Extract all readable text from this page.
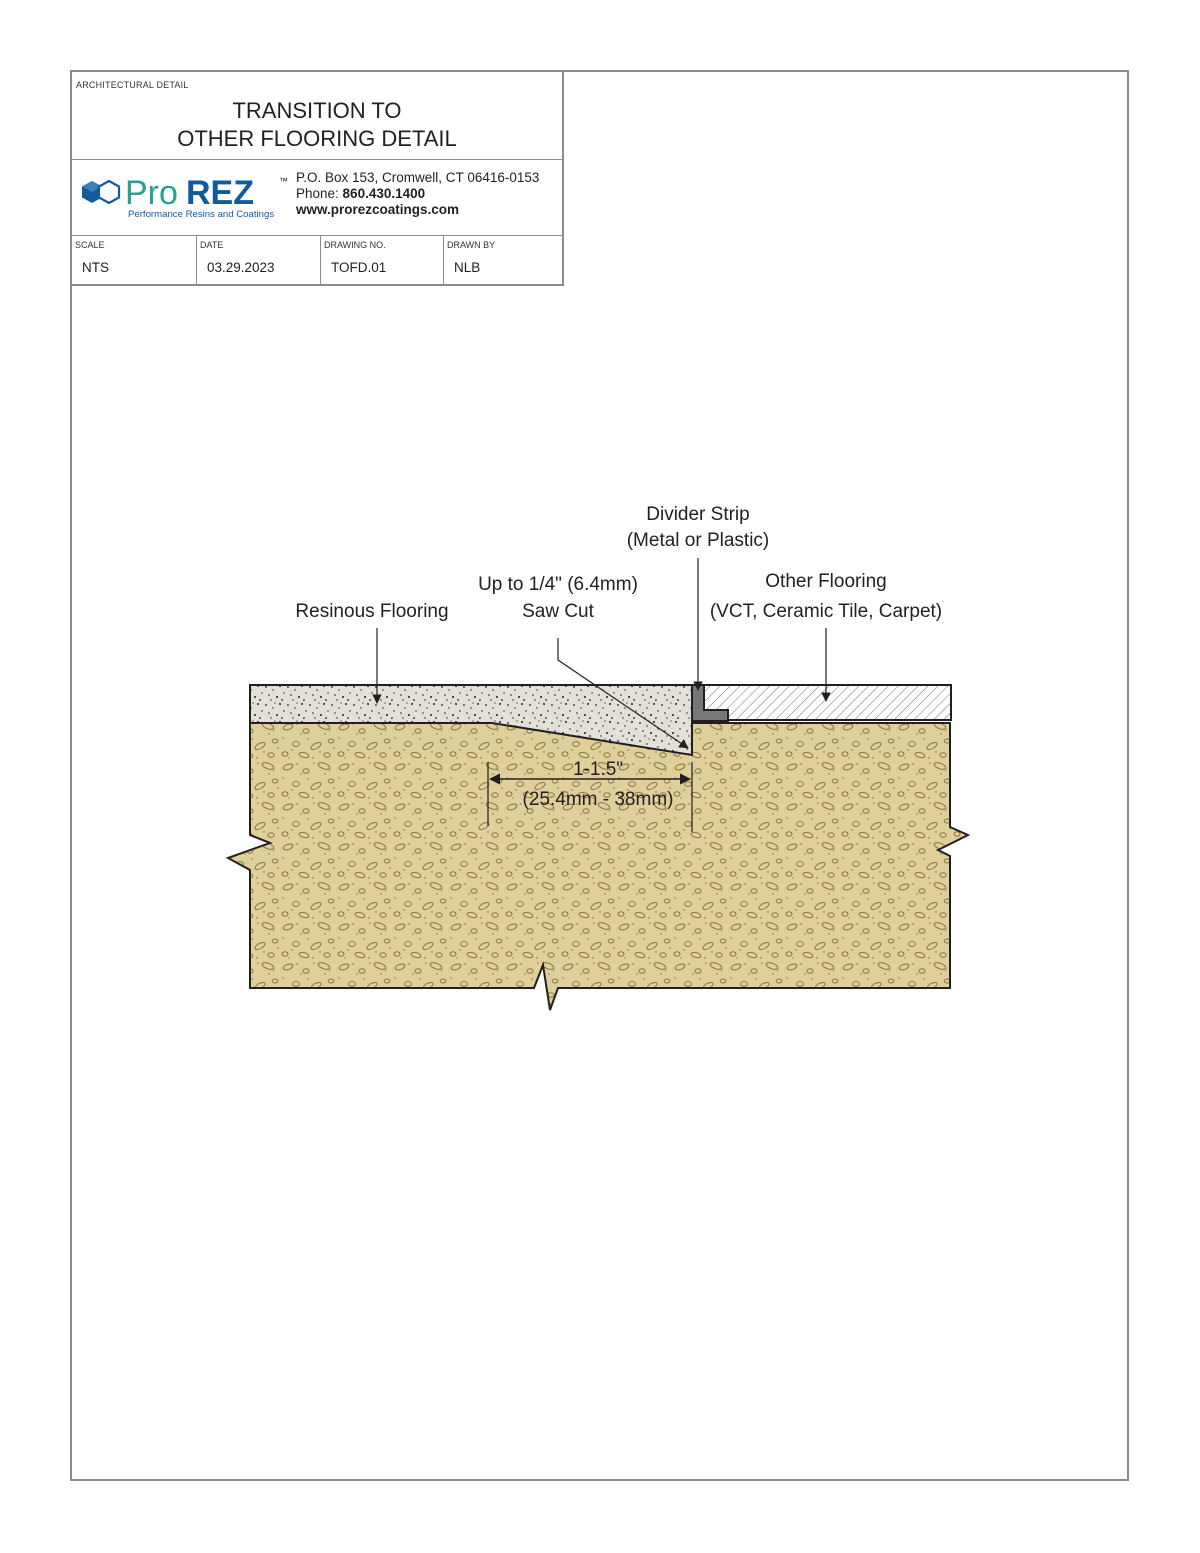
ARCHITECTURAL DETAIL
TRANSITION TO
OTHER FLOORING DETAIL
Pro REZ	™
Performance Resins and Coatings
P.O. Box 153, Cromwell, CT 06416-0153
Phone: 860.430.1400
www.prorezcoatings.com
SCALE
NTS
DATE
03.29.2023
DRAWING NO.
TOFD.01
DRAWN BY
NLB
Resinous Flooring
Up to 1/4" (6.4mm)
Saw Cut
Divider Strip
(Metal or Plastic)
Other Flooring
(VCT, Ceramic Tile, Carpet)
1-1.5"
(25.4mm - 38mm)
